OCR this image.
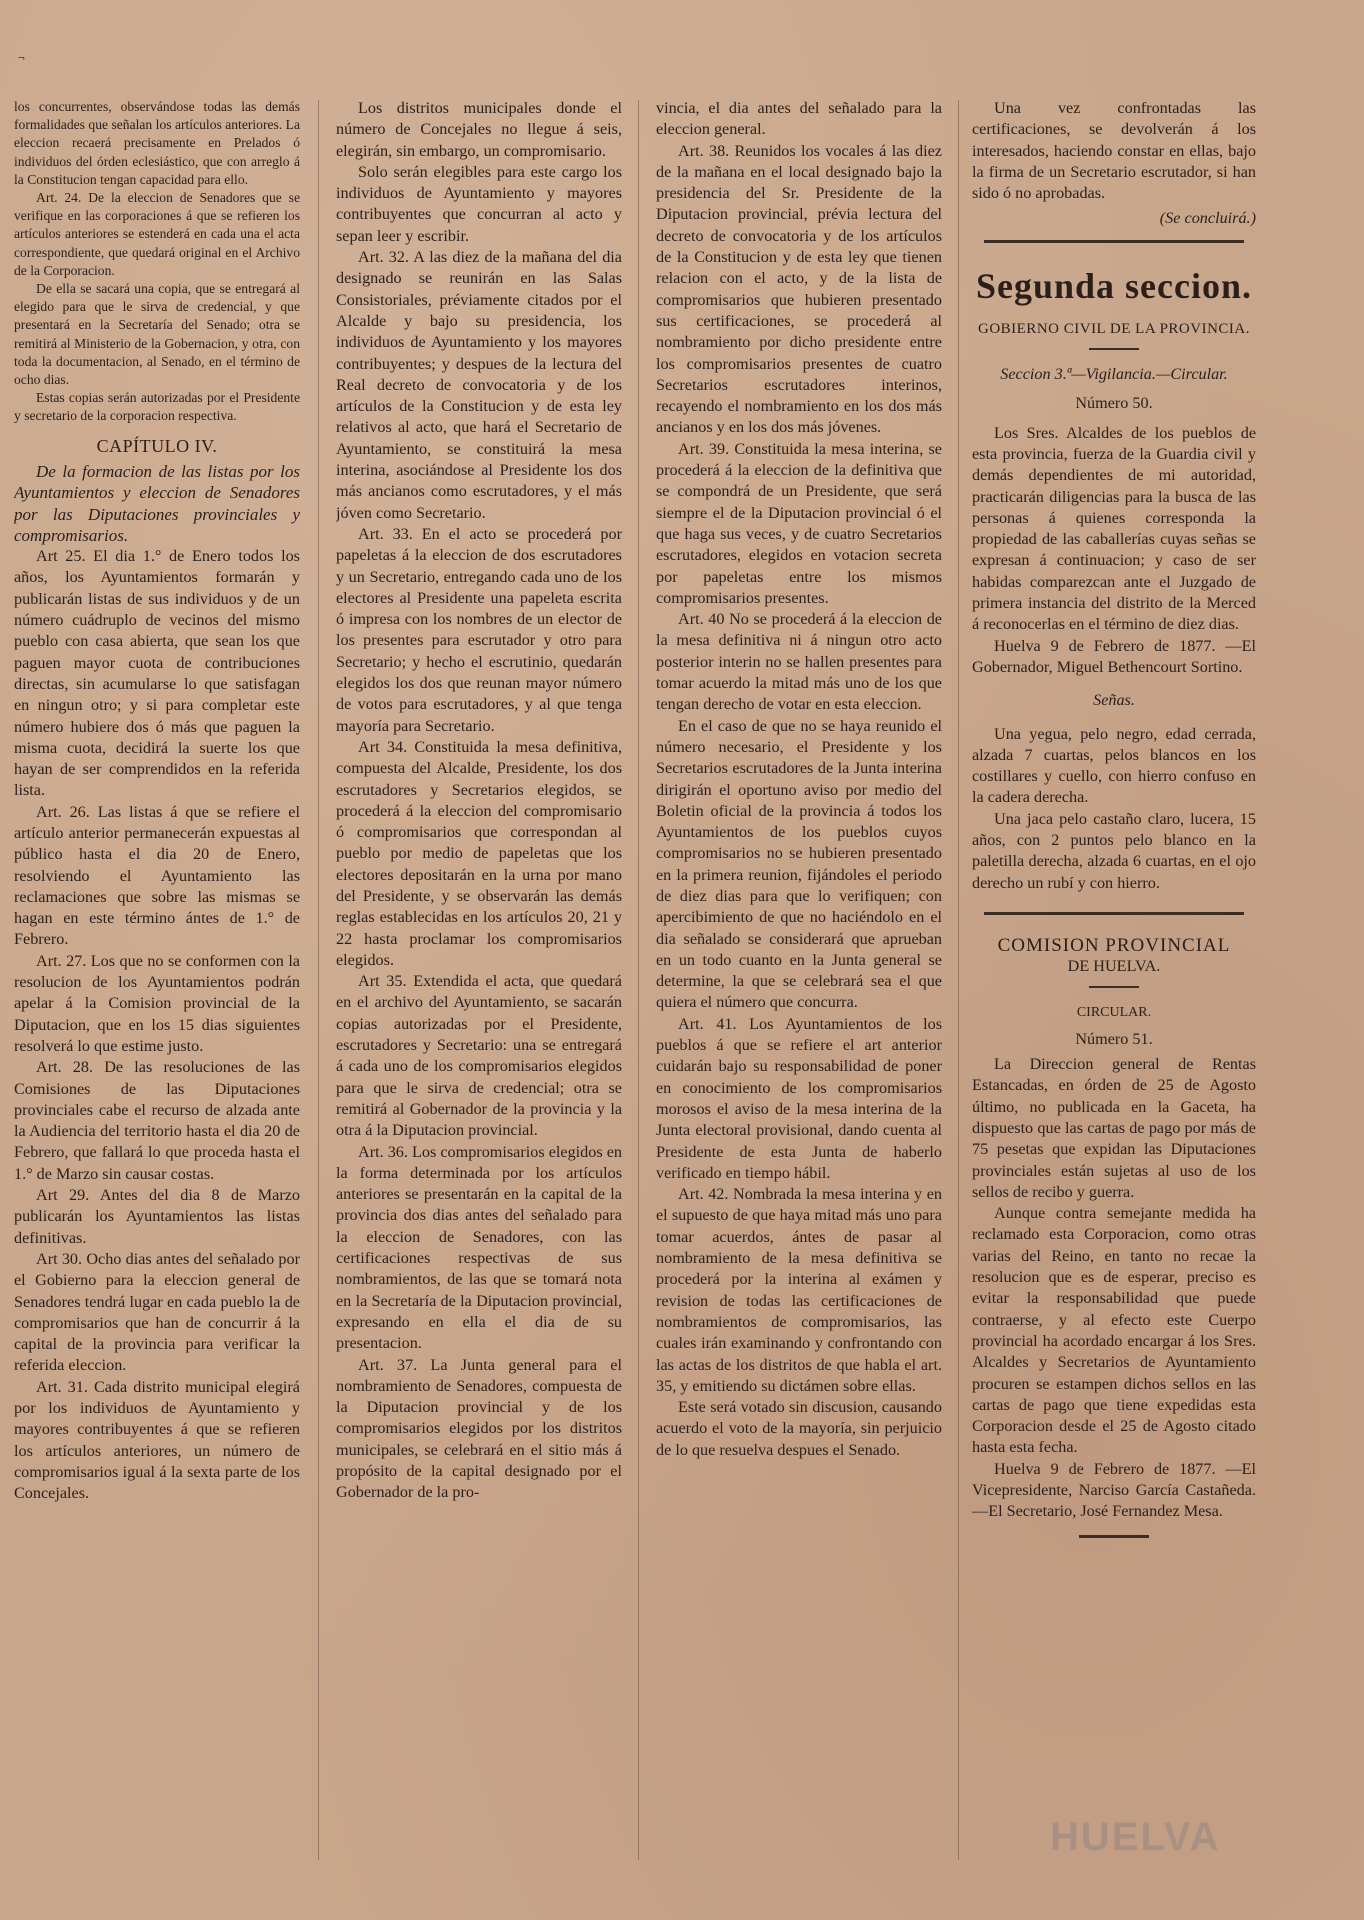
¬

los concurrentes, observándose todas las demás formalidades que señalan los artículos anteriores. La eleccion recaerá precisamente en Prelados ó individuos del órden eclesiástico, que con arreglo á la Constitucion tengan capacidad para ello.

Art. 24. De la eleccion de Senadores que se verifique en las corporaciones á que se refieren los artículos anteriores se estenderá en cada una el acta correspondiente, que quedará original en el Archivo de la Corporacion.

De ella se sacará una copia, que se entregará al elegido para que le sirva de credencial, y que presentará en la Secretaría del Senado; otra se remitirá al Ministerio de la Gobernacion, y otra, con toda la documentacion, al Senado, en el término de ocho dias.

Estas copias serán autorizadas por el Presidente y secretario de la corporacion respectiva.

CAPÍTULO IV.

De la formacion de las listas por los Ayuntamientos y eleccion de Senadores por las Diputaciones provinciales y compromisarios.

Art 25. El dia 1.° de Enero todos los años, los Ayuntamientos formarán y publicarán listas de sus individuos y de un número cuádruplo de vecinos del mismo pueblo con casa abierta, que sean los que paguen mayor cuota de contribuciones directas, sin acumularse lo que satisfagan en ningun otro; y si para completar este número hubiere dos ó más que paguen la misma cuota, decidirá la suerte los que hayan de ser comprendidos en la referida lista.

Art. 26. Las listas á que se refiere el artículo anterior permanecerán expuestas al público hasta el dia 20 de Enero, resolviendo el Ayuntamiento las reclamaciones que sobre las mismas se hagan en este término ántes de 1.° de Febrero.

Art. 27. Los que no se conformen con la resolucion de los Ayuntamientos podrán apelar á la Comision provincial de la Diputacion, que en los 15 dias siguientes resolverá lo que estime justo.

Art. 28. De las resoluciones de las Comisiones de las Diputaciones provinciales cabe el recurso de alzada ante la Audiencia del territorio hasta el dia 20 de Febrero, que fallará lo que proceda hasta el 1.° de Marzo sin causar costas.

Art 29. Antes del dia 8 de Marzo publicarán los Ayuntamientos las listas definitivas.

Art 30. Ocho dias antes del señalado por el Gobierno para la eleccion general de Senadores tendrá lugar en cada pueblo la de compromisarios que han de concurrir á la capital de la provincia para verificar la referida eleccion.

Art. 31. Cada distrito municipal elegirá por los individuos de Ayuntamiento y mayores contribuyentes á que se refieren los artículos anteriores, un número de compromisarios igual á la sexta parte de los Concejales.

Los distritos municipales donde el número de Concejales no llegue á seis, elegirán, sin embargo, un compromisario.

Solo serán elegibles para este cargo los individuos de Ayuntamiento y mayores contribuyentes que concurran al acto y sepan leer y escribir.

Art. 32. A las diez de la mañana del dia designado se reunirán en las Salas Consistoriales, préviamente citados por el Alcalde y bajo su presidencia, los individuos de Ayuntamiento y los mayores contribuyentes; y despues de la lectura del Real decreto de convocatoria y de los artículos de la Constitucion y de esta ley relativos al acto, que hará el Secretario de Ayuntamiento, se constituirá la mesa interina, asociándose al Presidente los dos más ancianos como escrutadores, y el más jóven como Secretario.

Art. 33. En el acto se procederá por papeletas á la eleccion de dos escrutadores y un Secretario, entregando cada uno de los electores al Presidente una papeleta escrita ó impresa con los nombres de un elector de los presentes para escrutador y otro para Secretario; y hecho el escrutinio, quedarán elegidos los dos que reunan mayor número de votos para escrutadores, y al que tenga mayoría para Secretario.

Art 34. Constituida la mesa definitiva, compuesta del Alcalde, Presidente, los dos escrutadores y Secretarios elegidos, se procederá á la eleccion del compromisario ó compromisarios que correspondan al pueblo por medio de papeletas que los electores depositarán en la urna por mano del Presidente, y se observarán las demás reglas establecidas en los artículos 20, 21 y 22 hasta proclamar los compromisarios elegidos.

Art 35. Extendida el acta, que quedará en el archivo del Ayuntamiento, se sacarán copias autorizadas por el Presidente, escrutadores y Secretario: una se entregará á cada uno de los compromisarios elegidos para que le sirva de credencial; otra se remitirá al Gobernador de la provincia y la otra á la Diputacion provincial.

Art. 36. Los compromisarios elegidos en la forma determinada por los artículos anteriores se presentarán en la capital de la provincia dos dias antes del señalado para la eleccion de Senadores, con las certificaciones respectivas de sus nombramientos, de las que se tomará nota en la Secretaría de la Diputacion provincial, expresando en ella el dia de su presentacion.

Art. 37. La Junta general para el nombramiento de Senadores, compuesta de la Diputacion provincial y de los compromisarios elegidos por los distritos municipales, se celebrará en el sitio más á propósito de la capital designado por el Gobernador de la pro-

vincia, el dia antes del señalado para la eleccion general.

Art. 38. Reunidos los vocales á las diez de la mañana en el local designado bajo la presidencia del Sr. Presidente de la Diputacion provincial, prévia lectura del decreto de convocatoria y de los artículos de la Constitucion y de esta ley que tienen relacion con el acto, y de la lista de compromisarios que hubieren presentado sus certificaciones, se procederá al nombramiento por dicho presidente entre los compromisarios presentes de cuatro Secretarios escrutadores interinos, recayendo el nombramiento en los dos más ancianos y en los dos más jóvenes.

Art. 39. Constituida la mesa interina, se procederá á la eleccion de la definitiva que se compondrá de un Presidente, que será siempre el de la Diputacion provincial ó el que haga sus veces, y de cuatro Secretarios escrutadores, elegidos en votacion secreta por papeletas entre los mismos compromisarios presentes.

Art. 40 No se procederá á la eleccion de la mesa definitiva ni á ningun otro acto posterior interin no se hallen presentes para tomar acuerdo la mitad más uno de los que tengan derecho de votar en esta eleccion.

En el caso de que no se haya reunido el número necesario, el Presidente y los Secretarios escrutadores de la Junta interina dirigirán el oportuno aviso por medio del Boletin oficial de la provincia á todos los Ayuntamientos de los pueblos cuyos compromisarios no se hubieren presentado en la primera reunion, fijándoles el periodo de diez dias para que lo verifiquen; con apercibimiento de que no haciéndolo en el dia señalado se considerará que aprueban en un todo cuanto en la Junta general se determine, la que se celebrará sea el que quiera el número que concurra.

Art. 41. Los Ayuntamientos de los pueblos á que se refiere el art anterior cuidarán bajo su responsabilidad de poner en conocimiento de los compromisarios morosos el aviso de la mesa interina de la Junta electoral provisional, dando cuenta al Presidente de esta Junta de haberlo verificado en tiempo hábil.

Art. 42. Nombrada la mesa interina y en el supuesto de que haya mitad más uno para tomar acuerdos, ántes de pasar al nombramiento de la mesa definitiva se procederá por la interina al exámen y revision de todas las certificaciones de nombramientos de compromisarios, las cuales irán examinando y confrontando con las actas de los distritos de que habla el art. 35, y emitiendo su dictámen sobre ellas.

Este será votado sin discusion, causando acuerdo el voto de la mayoría, sin perjuicio de lo que resuelva despues el Senado.

Una vez confrontadas las certificaciones, se devolverán á los interesados, haciendo constar en ellas, bajo la firma de un Secretario escrutador, si han sido ó no aprobadas.

(Se concluirá.)

Segunda seccion.

GOBIERNO CIVIL DE LA PROVINCIA.

Seccion 3.ª—Vigilancia.—Circular.

Número 50.

Los Sres. Alcaldes de los pueblos de esta provincia, fuerza de la Guardia civil y demás dependientes de mi autoridad, practicarán diligencias para la busca de las personas á quienes corresponda la propiedad de las caballerías cuyas señas se expresan á continuacion; y caso de ser habidas comparezcan ante el Juzgado de primera instancia del distrito de la Merced á reconocerlas en el término de diez dias.

Huelva 9 de Febrero de 1877. —El Gobernador, Miguel Bethencourt Sortino.

Señas.

Una yegua, pelo negro, edad cerrada, alzada 7 cuartas, pelos blancos en los costillares y cuello, con hierro confuso en la cadera derecha.

Una jaca pelo castaño claro, lucera, 15 años, con 2 puntos pelo blanco en la paletilla derecha, alzada 6 cuartas, en el ojo derecho un rubí y con hierro.

COMISION PROVINCIAL

DE HUELVA.

CIRCULAR.

Número 51.

La Direccion general de Rentas Estancadas, en órden de 25 de Agosto último, no publicada en la Gaceta, ha dispuesto que las cartas de pago por más de 75 pesetas que expidan las Diputaciones provinciales están sujetas al uso de los sellos de recibo y guerra.

Aunque contra semejante medida ha reclamado esta Corporacion, como otras varias del Reino, en tanto no recae la resolucion que es de esperar, preciso es evitar la responsabilidad que puede contraerse, y al efecto este Cuerpo provincial ha acordado encargar á los Sres. Alcaldes y Secretarios de Ayuntamiento procuren se estampen dichos sellos en las cartas de pago que tiene expedidas esta Corporacion desde el 25 de Agosto citado hasta esta fecha.

Huelva 9 de Febrero de 1877. —El Vicepresidente, Narciso García Castañeda.—El Secretario, José Fernandez Mesa.

HUELVA
